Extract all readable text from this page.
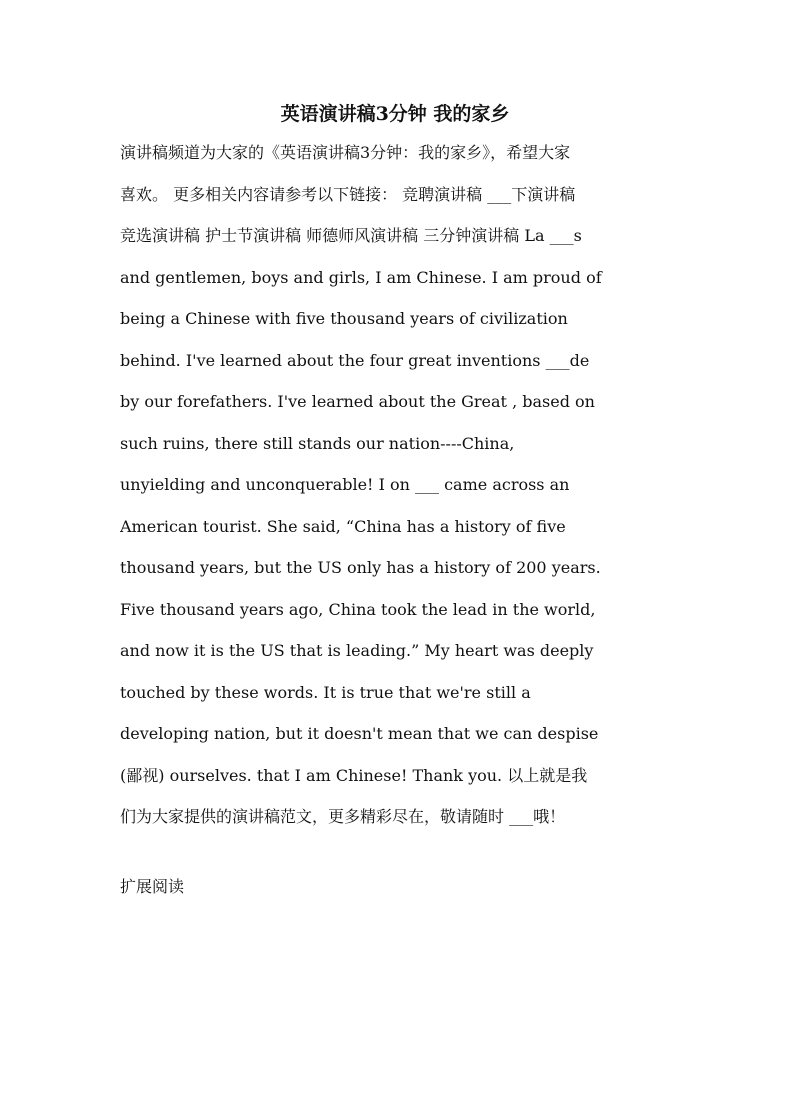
英语演讲稿3分钟 我的家乡
演讲稿频道为大家的《英语演讲稿3分钟：我的家乡》，希望大家
喜欢。 更多相关内容请参考以下链接： 竞聘演讲稿 ___下演讲稿
竞选演讲稿 护士节演讲稿 师德师风演讲稿 三分钟演讲稿 La ___s
and gentlemen, boys and girls, I am Chinese. I am proud of
being a Chinese with five thousand years of civilization
behind. I've learned about the four great inventions ___de
by our forefathers. I've learned about the Great , based on
such ruins, there still stands our nation----China,
unyielding and unconquerable! I on ___ came across an
American tourist. She said, “China has a history of five
thousand years, but the US only has a history of 200 years.
Five thousand years ago, China took the lead in the world,
and now it is the US that is leading.” My heart was deeply
touched by these words. It is true that we're still a
developing nation, but it doesn't mean that we can despise
(鄙视) ourselves. that I am Chinese! Thank you. 以上就是我
们为大家提供的演讲稿范文，更多精彩尽在，敬请随时 ___哦！
扩展阅读
